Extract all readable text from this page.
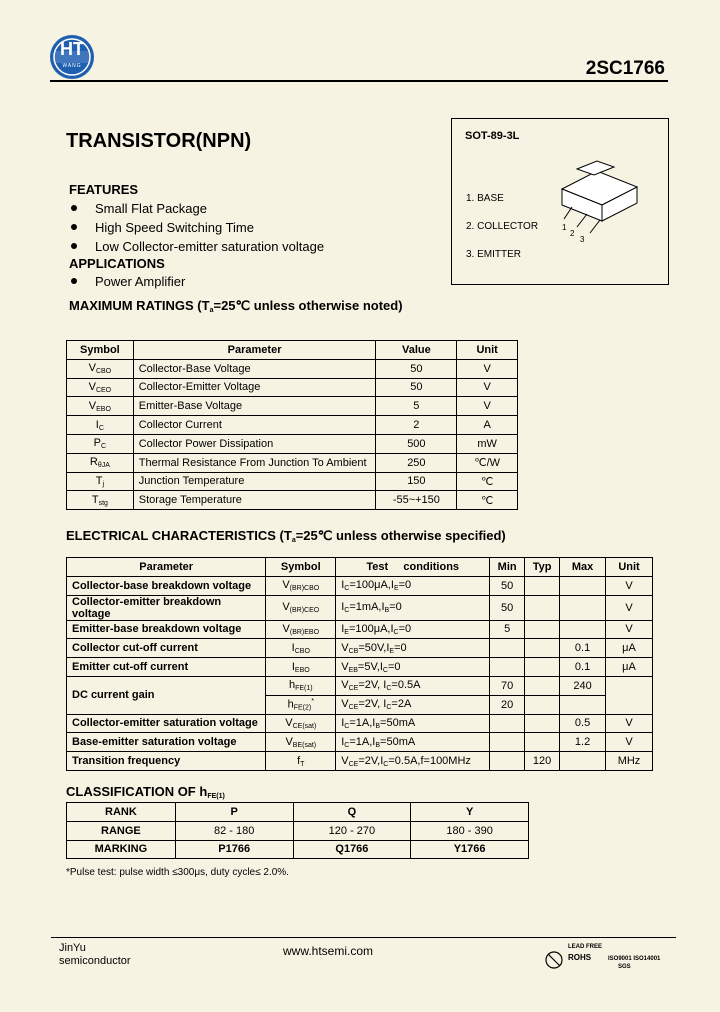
HT
WANG	2SC1766
TRANSISTOR(NPN)
FEATURES
Small Flat Package
High Speed Switching Time
Low Collector-emitter saturation voltage
APPLICATIONS
Power Amplifier
SOT-89-3L
1. BASE
2. COLLECTOR
3. EMITTER
1
2
3
MAXIMUM RATINGS ($T_a=25℃$ unless otherwise noted)
Symbol	Parameter	Value	Unit
$V_{CBO}$	Collector-Base Voltage	50	V
$V_{CEO}$	Collector-Emitter Voltage	50	V
$V_{EBO}$	Emitter-Base Voltage	5	V
$I_C$	Collector Current	2	A
$P_C$	Collector Power Dissipation	500	mW
$R_{\theta JA}$	Thermal Resistance From Junction To Ambient	250	℃/W
$T_j$	Junction Temperature	150	℃
$T_{stg}$	Storage Temperature	-55~+150	℃
ELECTRICAL CHARACTERISTICS ($T_a=25℃$ unless otherwise specified)
Parameter	Symbol	Test     conditions	Min	Typ	Max	Unit
Collector-base breakdown voltage	$V_{(BR)CBO}$	$I_C=100\mu A,I_E=0$	50			V
Collector-emitter breakdown voltage	$V_{(BR)CEO}$	$I_C=1mA,I_B=0$	50			V
Emitter-base breakdown voltage	$V_{(BR)EBO}$	$I_E=100\mu A,I_C=0$	5			V
Collector cut-off current	$I_{CBO}$	$V_{CB}=50V,I_E=0$			0.1	μA
Emitter cut-off current	$I_{EBO}$	$V_{EB}=5V,I_C=0$			0.1	μA
DC current gain	$h_{FE(1)}$	$V_{CE}=2V$, $I_C=0.5A$	70		240	
	$h_{FE(2)}^*$	$V_{CE}=2V$, $I_C=2A$	20			
Collector-emitter saturation voltage	$V_{CE(sat)}$	$I_C=1A,I_B=50mA$			0.5	V
Base-emitter saturation voltage	$V_{BE(sat)}$	$I_C=1A,I_B=50mA$			1.2	V
Transition frequency	$f_T$	$V_{CE}=2V,I_C=0.5A,f=100MHz$		120		MHz
CLASSIFICATION OF $h_{FE(1)}$
RANK	P	Q	Y
RANGE	82 - 180	120 - 270	180 - 390
MARKING	P1766	Q1766	Y1766
*Pulse test: pulse width ≤300μs, duty cycle≤ 2.0%.
JinYu
semiconductor
www.htsemi.com	LEAD FREE
ROHS	ISO9001 ISO14001
SGS
